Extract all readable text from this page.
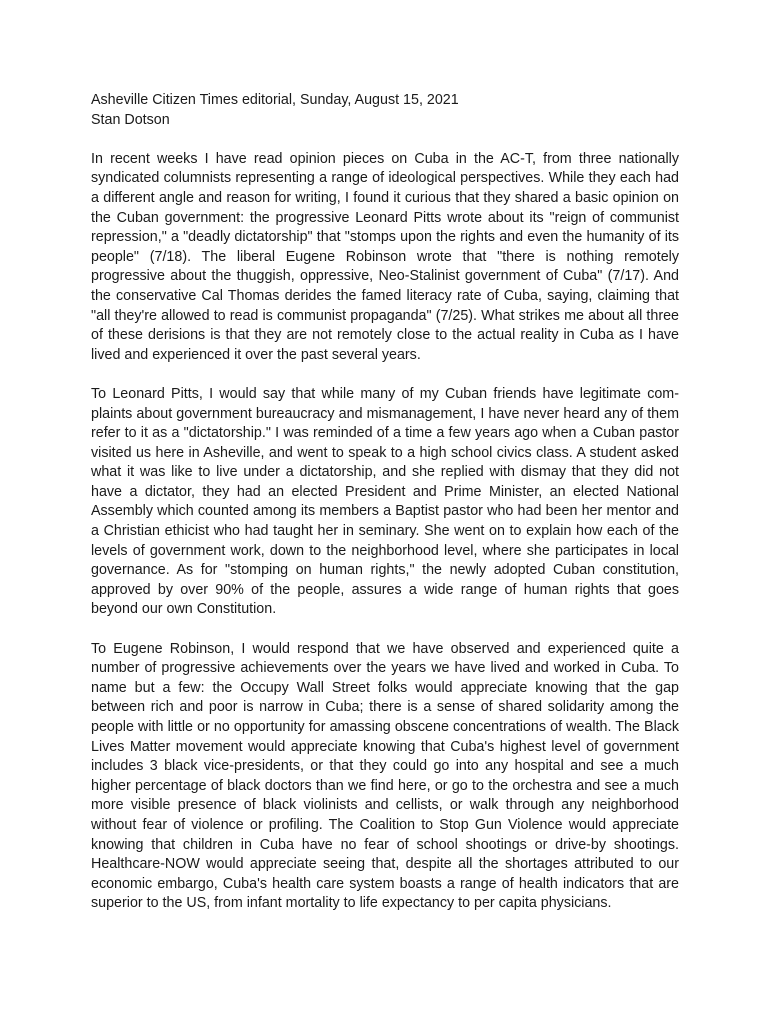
Asheville Citizen Times editorial, Sunday, August 15, 2021

Stan Dotson

In recent weeks I have read opinion pieces on Cuba in the AC-T, from three nationally syndicated columnists representing a range of ideological perspectives. While they each had a different angle and reason for writing, I found it curious that they shared a basic opinion on the Cuban government: the progressive Leonard Pitts wrote about its "reign of communist repression," a "deadly dictatorship" that "stomps upon the rights and even the humanity of its people" (7/18). The liberal Eugene Robinson wrote that "there is nothing remotely progressive about the thuggish, oppressive, Neo-Stalinist government of Cuba" (7/17). And the conservative Cal Thomas derides the famed literacy rate of Cuba, saying, claiming that "all they're allowed to read is communist propaganda" (7/25). What strikes me about all three of these derisions is that they are not remotely close to the actual reality in Cuba as I have lived and experienced it over the past several years.

To Leonard Pitts, I would say that while many of my Cuban friends have legitimate complaints about government bureaucracy and mismanagement, I have never heard any of them refer to it as a "dictatorship." I was reminded of a time a few years ago when a Cuban pastor visited us here in Asheville, and went to speak to a high school civics class. A student asked what it was like to live under a dictatorship, and she replied with dismay that they did not have a dictator, they had an elected President and Prime Minister, an elected National Assembly which counted among its members a Baptist pastor who had been her mentor and a Christian ethicist who had taught her in seminary. She went on to explain how each of the levels of government work, down to the neighborhood level, where she participates in local governance. As for "stomping on human rights," the newly adopted Cuban constitution, approved by over 90% of the people, assures a wide range of human rights that goes beyond our own Constitution.

To Eugene Robinson, I would respond that we have observed and experienced quite a number of progressive achievements over the years we have lived and worked in Cuba. To name but a few: the Occupy Wall Street folks would appreciate knowing that the gap between rich and poor is narrow in Cuba; there is a sense of shared solidarity among the people with little or no opportunity for amassing obscene concentrations of wealth. The Black Lives Matter movement would appreciate knowing that Cuba's highest level of government includes 3 black vice-presidents, or that they could go into any hospital and see a much higher percentage of black doctors than we find here, or go to the orchestra and see a much more visible presence of black violinists and cellists, or walk through any neighborhood without fear of violence or profiling. The Coalition to Stop Gun Violence would appreciate knowing that children in Cuba have no fear of school shootings or drive-by shootings. Healthcare-NOW would appreciate seeing that, despite all the shortages attributed to our economic embargo, Cuba's health care system boasts a range of health indicators that are superior to the US, from infant mortality to life expectancy to per capita physicians.
